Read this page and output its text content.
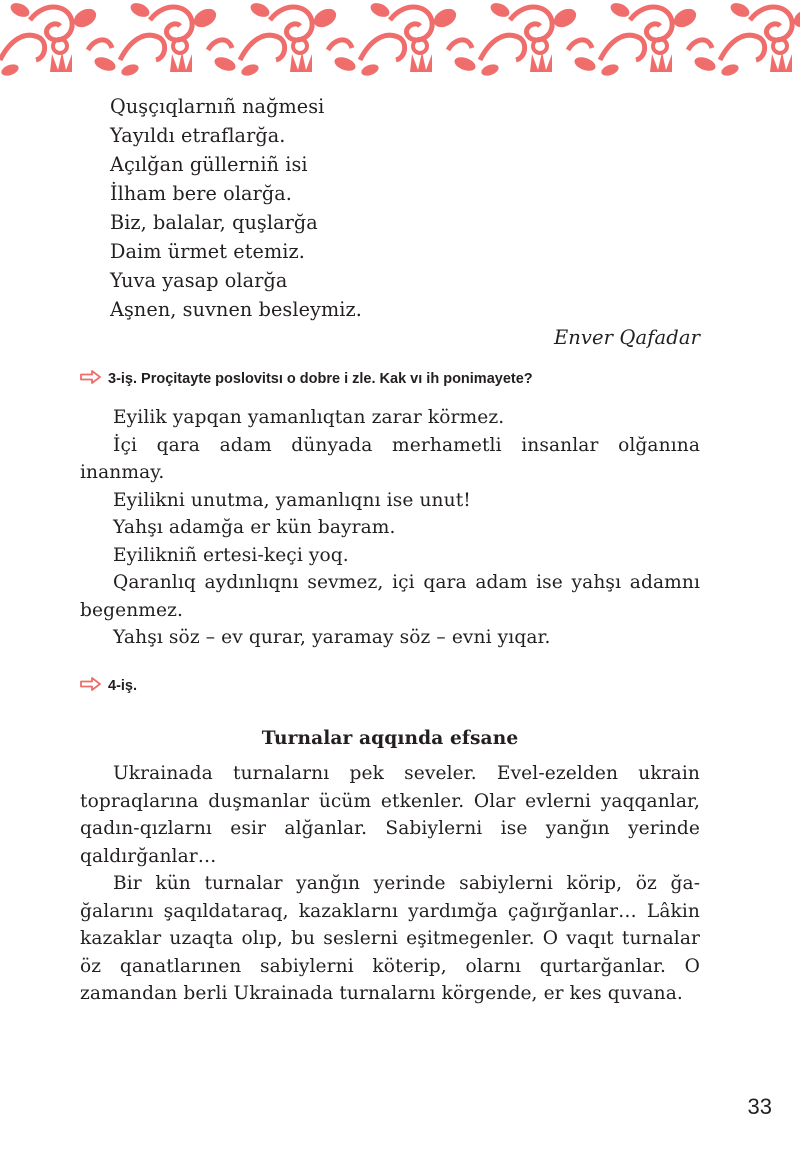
Quşçıqlarnıñ nağmesi
Yayıldı etraflarğa.
Açılğan güllerniñ isi
İlham bere olarğa.
Biz, balalar, quşlarğa
Daim ürmet etemiz.
Yuva yasap olarğa
Aşnen, suvnen besleymiz.
Enver Qafadar
3-iş. Proçitayte poslovitsı o dobre i zle. Kak vı ih ponimayete?

Eyilik yapqan yamanlıqtan zarar körmez.

İçi qara adam dünyada merhametli insanlar olğanına inanmay.

Eyilikni unutma, yamanlıqnı ise unut!

Yahşı adamğa er kün bayram.

Eyilikniñ ertesi-keçi yoq.

Qaranlıq aydınlıqnı sevmez, içi qara adam ise yahşı adamnı begenmez.

Yahşı söz – ev qurar, yaramay söz – evni yıqar.

4-iş.
Turnalar aqqında efsane

Ukrainada turnalarnı pek seveler. Evel-ezelden ukrain topraqlarına duşmanlar ücüm etkenler. Olar evlerni yaqqanlar, qadın-qızlarnı esir alğanlar. Sabiylerni ise yanğın yerinde qaldırğanlar…

Bir kün turnalar yanğın yerinde sabiylerni körip, öz ğağalarını şaqıldataraq, kazaklarnı yardımğa çağırğanlar… Lâkin kazaklar uzaqta olıp, bu seslerni eşitmegenler. O vaqıt turnalar öz qanatlarınen sabiylerni köterip, olarnı qurtarğanlar. O zamandan berli Ukrainada turnalarnı körgende, er kes quvana.

33
